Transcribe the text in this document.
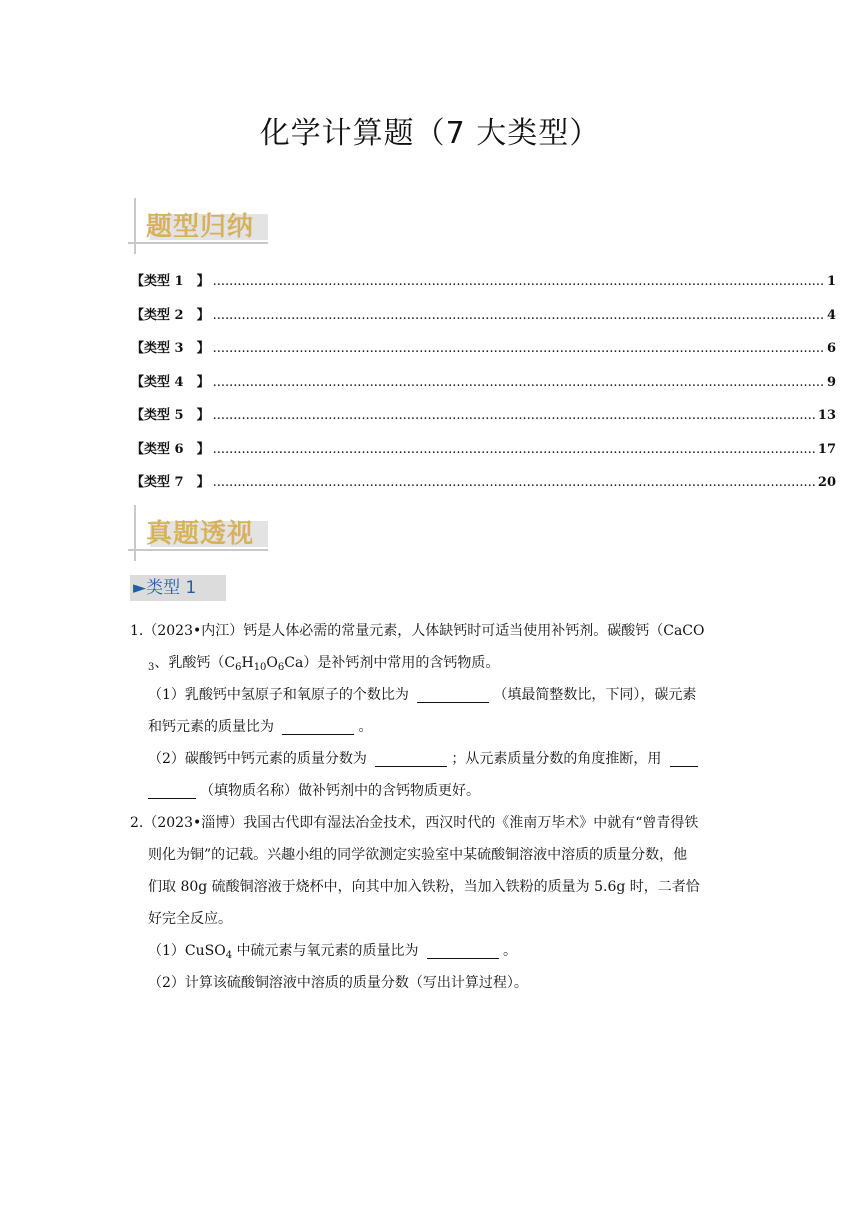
化学计算题（7 大类型）
题型归纳
【类型 1　】 .....	1
【类型 2　】 .....	4
【类型 3　】 .....	6
【类型 4　】 .....	9
【类型 5　】 .....	13
【类型 6　】 .....	17
【类型 7　】 .....	20
真题透视
►类型 1
1.（2023•内江）钙是人体必需的常量元素，人体缺钙时可适当使用补钙剂。碳酸钙（CaCO
$_3$、乳酸钙$(C_6H_{10}O_6Ca)$是补钙剂中常用的含钙物质。
（1）乳酸钙中氢原子和氧原子的个数比为	（填最简整数比，下同），碳元素
和钙元素的质量比为	。
（2）碳酸钙中钙元素的质量分数为	；从元素质量分数的角度推断，用
（填物质名称）做补钙剂中的含钙物质更好。
2.（2023•淄博）我国古代即有湿法冶金技术，西汉时代的《淮南万毕术》中就有“曾青得铁
则化为铜”的记载。兴趣小组的同学欲测定实验室中某硫酸铜溶液中溶质的质量分数，他
们取 80g 硫酸铜溶液于烧杯中，向其中加入铁粉，当加入铁粉的质量为 5.6g 时，二者恰
好完全反应。
（1）CuSO$_4$ 中硫元素与氧元素的质量比为	。
（2）计算该硫酸铜溶液中溶质的质量分数（写出计算过程）。
